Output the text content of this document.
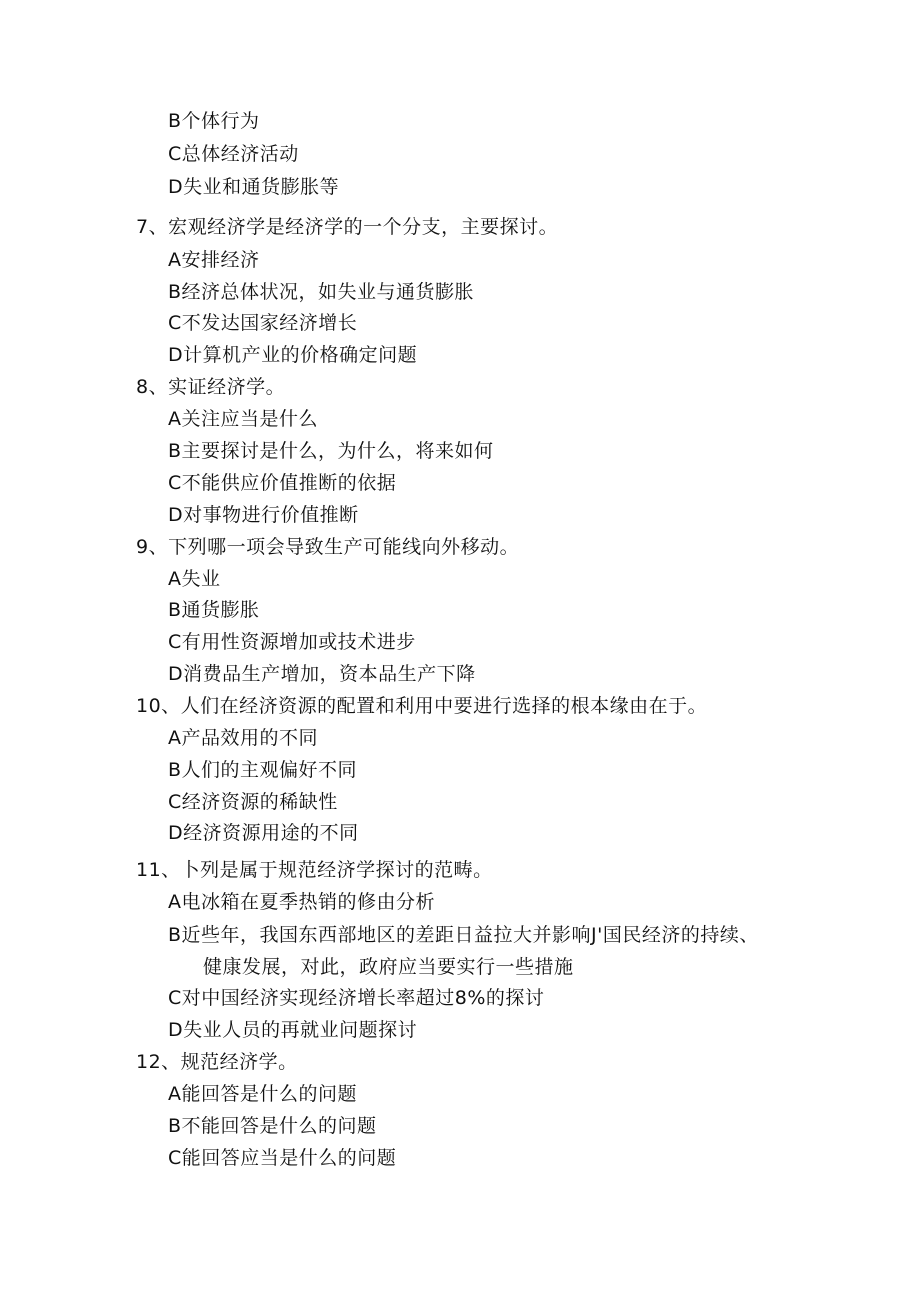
B个体行为
C总体经济活动
D失业和通货膨胀等
7、宏观经济学是经济学的一个分支，主要探讨。
A安排经济
B经济总体状况，如失业与通货膨胀
C不发达国家经济增长
D计算机产业的价格确定问题
8、实证经济学。
A关注应当是什么
B主要探讨是什么，为什么，将来如何
C不能供应价值推断的依据
D对事物进行价值推断
9、下列哪一项会导致生产可能线向外移动。
A失业
B通货膨胀
C有用性资源增加或技术进步
D消费品生产增加，资本品生产下降
10、人们在经济资源的配置和利用中要进行选择的根本缘由在于。
A产品效用的不同
B人们的主观偏好不同
C经济资源的稀缺性
D经济资源用途的不同
11、卜列是属于规范经济学探讨的范畴。
A电冰箱在夏季热销的修由分析
B近些年，我国东西部地区的差距日益拉大并影响J'国民经济的持续、
健康发展，对此，政府应当要实行一些措施
C对中国经济实现经济增长率超过8%的探讨
D失业人员的再就业问题探讨
12、规范经济学。
A能回答是什么的问题
B不能回答是什么的问题
C能回答应当是什么的问题
